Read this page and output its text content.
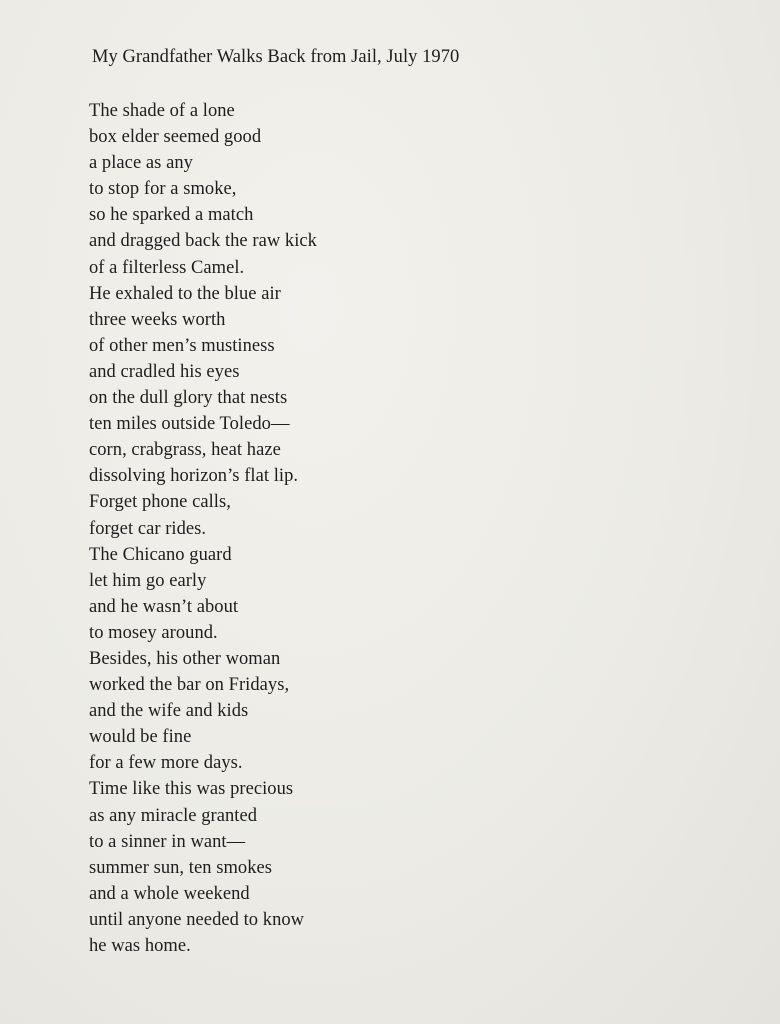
My Grandfather Walks Back from Jail, July 1970
The shade of a lone
box elder seemed good
a place as any
to stop for a smoke,
so he sparked a match
and dragged back the raw kick
of a filterless Camel.
He exhaled to the blue air
three weeks worth
of other men’s mustiness
and cradled his eyes
on the dull glory that nests
ten miles outside Toledo—
corn, crabgrass, heat haze
dissolving horizon’s flat lip.
Forget phone calls,
forget car rides.
The Chicano guard
let him go early
and he wasn’t about
to mosey around.
Besides, his other woman
worked the bar on Fridays,
and the wife and kids
would be fine
for a few more days.
Time like this was precious
as any miracle granted
to a sinner in want—
summer sun, ten smokes
and a whole weekend
until anyone needed to know
he was home.
